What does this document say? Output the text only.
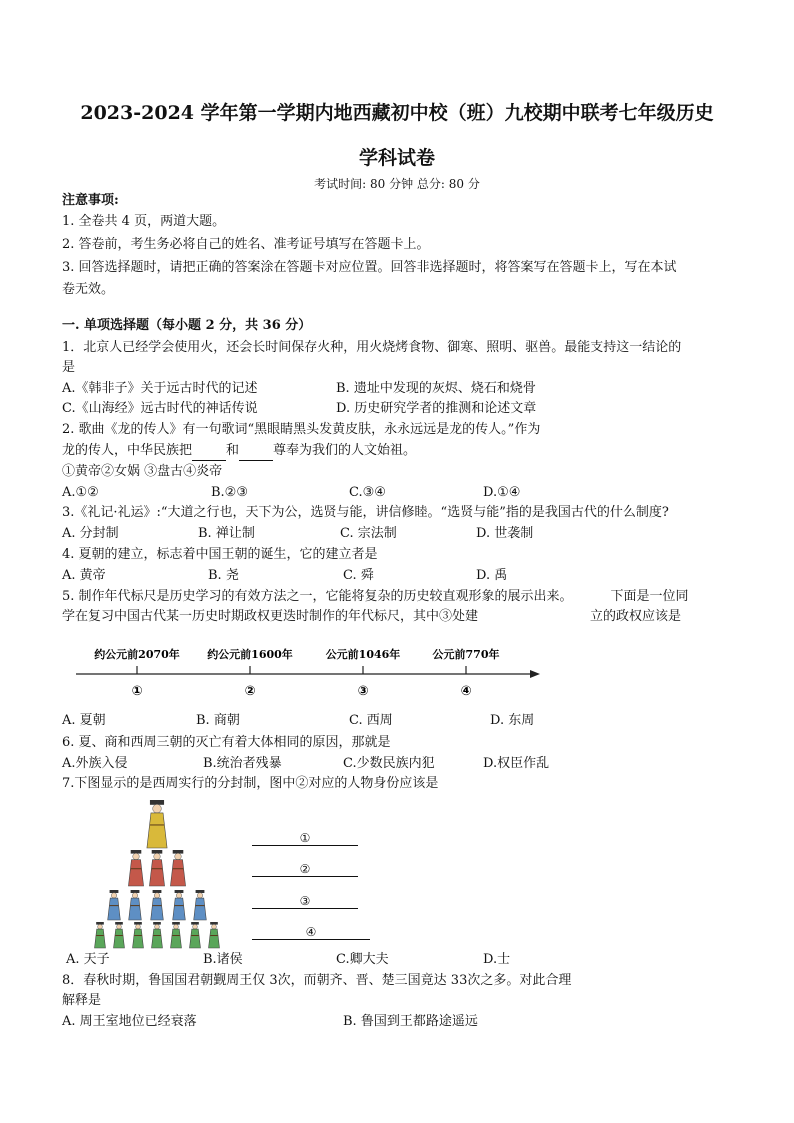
2023-2024 学年第一学期内地西藏初中校（班）九校期中联考七年级历史
学科试卷
考试时间: 80 分钟 总分: 80 分
注意事项:
1. 全卷共 4 页，两道大题。
2. 答卷前，考生务必将自己的姓名、准考证号填写在答题卡上。
3. 回答选择题时，请把正确的答案涂在答题卡对应位置。回答非选择题时，将答案写在答题卡上，写在本试
卷无效。
一. 单项选择题（每小题 2 分，共 36 分）
1．北京人已经学会使用火，还会长时间保存火种，用火烧烤食物、御寒、照明、驱兽。最能支持这一结论的
是
A.《韩非子》关于远古时代的记述	B. 遗址中发现的灰烬、烧石和烧骨
C.《山海经》远古时代的神话传说	D. 历史研究学者的推测和论述文章
2. 歌曲《龙的传人》有一句歌词“黑眼睛黑头发黄皮肤，永永远远是龙的传人。”作为
龙的传人，中华民族把	和	尊奉为我们的人文始祖。
①黄帝②女娲 ③盘古④炎帝
A.①②	B.②③	C.③④	D.①④
3.《礼记·礼运》:“大道之行也，天下为公，选贤与能，讲信修睦。“选贤与能”指的是我国古代的什么制度?
A. 分封制	B. 禅让制	C. 宗法制	D. 世袭制
4. 夏朝的建立，标志着中国王朝的诞生，它的建立者是
A. 黄帝	B. 尧	C. 舜	D. 禹
5. 制作年代标尺是历史学习的有效方法之一，它能将复杂的历史较直观形象的展示出来。	下面是一位同
学在复习中国古代某一历史时期政权更迭时制作的年代标尺，其中③处建	立的政权应该是
约公元前2070年
①
约公元前1600年
②
公元前1046年
③
公元前770年
④
A. 夏朝	B. 商朝	C. 西周	D. 东周
6. 夏、商和西周三朝的灭亡有着大体相同的原因，那就是
A.外族入侵	B.统治者残暴	C.少数民族内犯	D.权臣作乱
7.下图显示的是西周实行的分封制，图中②对应的人物身份应该是
①
②
③
④
A. 天子	B.诸侯	C.卿大夫	D.士
8．春秋时期，鲁国国君朝觐周王仅 3次，而朝齐、晋、楚三国竟达 33次之多。对此合理
解释是
A. 周王室地位已经衰落	B. 鲁国到王都路途遥远
